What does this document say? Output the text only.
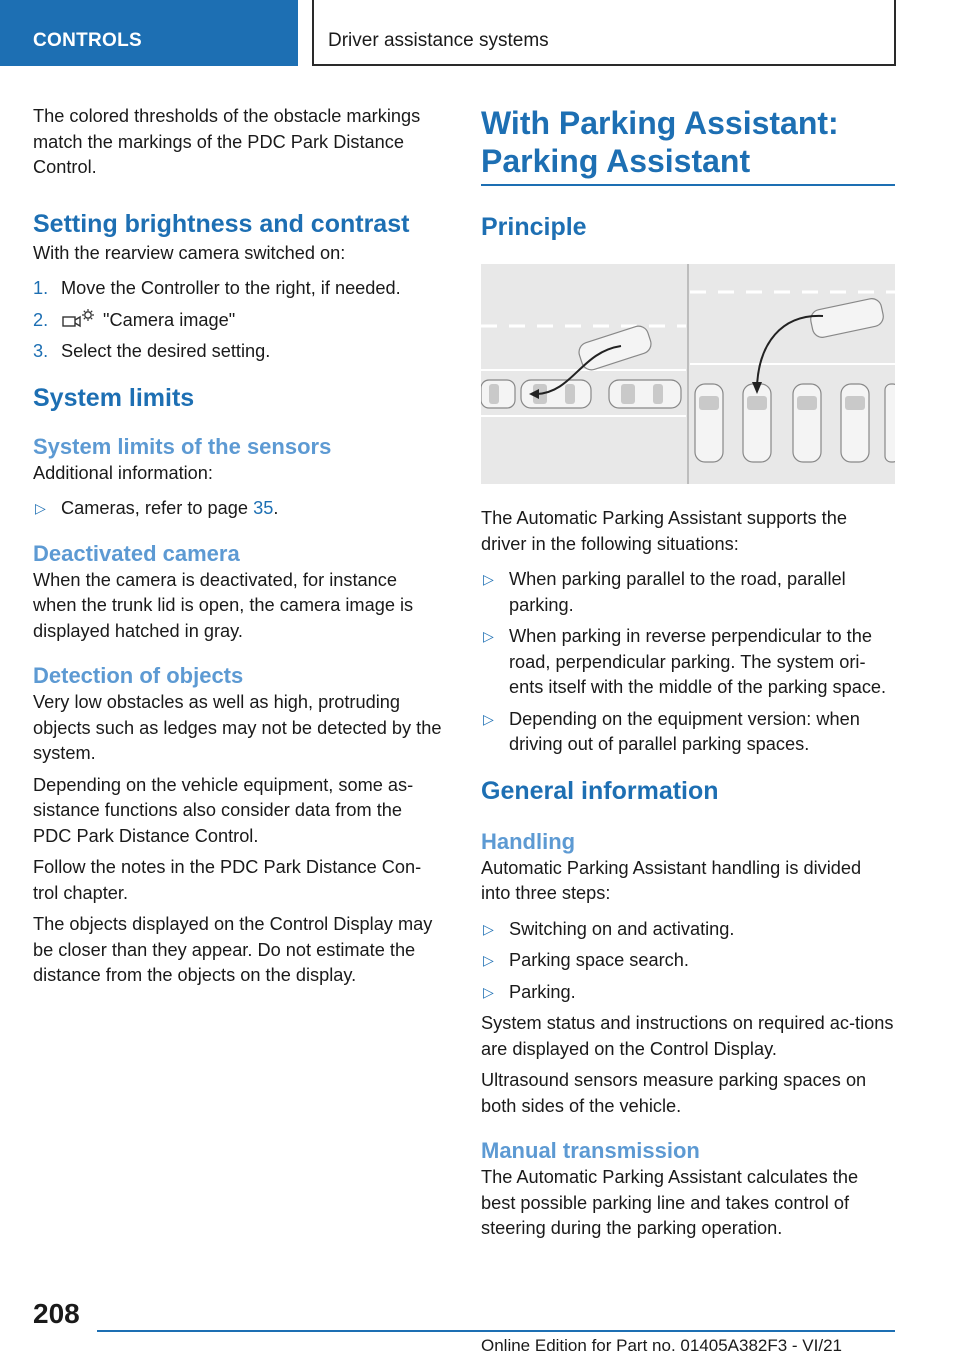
CONTROLS	Driver assistance systems

The colored thresholds of the obstacle markings match the markings of the PDC Park Distance Control.

Setting brightness and contrast

With the rearview camera switched on:

1. Move the Controller to the right, if needed.
2.	"Camera image"
3. Select the desired setting.
System limits
System limits of the sensors

Additional information:

▷ Cameras, refer to page 35.
Deactivated camera

When the camera is deactivated, for instance when the trunk lid is open, the camera image is displayed hatched in gray.

Detection of objects

Very low obstacles as well as high, protruding objects such as ledges may not be detected by the system.

Depending on the vehicle equipment, some as-sistance functions also consider data from the PDC Park Distance Control.

Follow the notes in the PDC Park Distance Con-trol chapter.

The objects displayed on the Control Display may be closer than they appear. Do not estimate the distance from the objects on the display.

With Parking Assistant:
Parking Assistant
Principle

The Automatic Parking Assistant supports the driver in the following situations:

▷ When parking parallel to the road, parallel parking.
▷ When parking in reverse perpendicular to the road, perpendicular parking. The system ori-ents itself with the middle of the parking space.
▷ Depending on the equipment version: when driving out of parallel parking spaces.
General information
Handling

Automatic Parking Assistant handling is divided into three steps:

▷ Switching on and activating.
▷ Parking space search.
▷ Parking.

System status and instructions on required ac-tions are displayed on the Control Display.

Ultrasound sensors measure parking spaces on both sides of the vehicle.

Manual transmission

The Automatic Parking Assistant calculates the best possible parking line and takes control of steering during the parking operation.

208
Online Edition for Part no. 01405A382F3 - VI/21
